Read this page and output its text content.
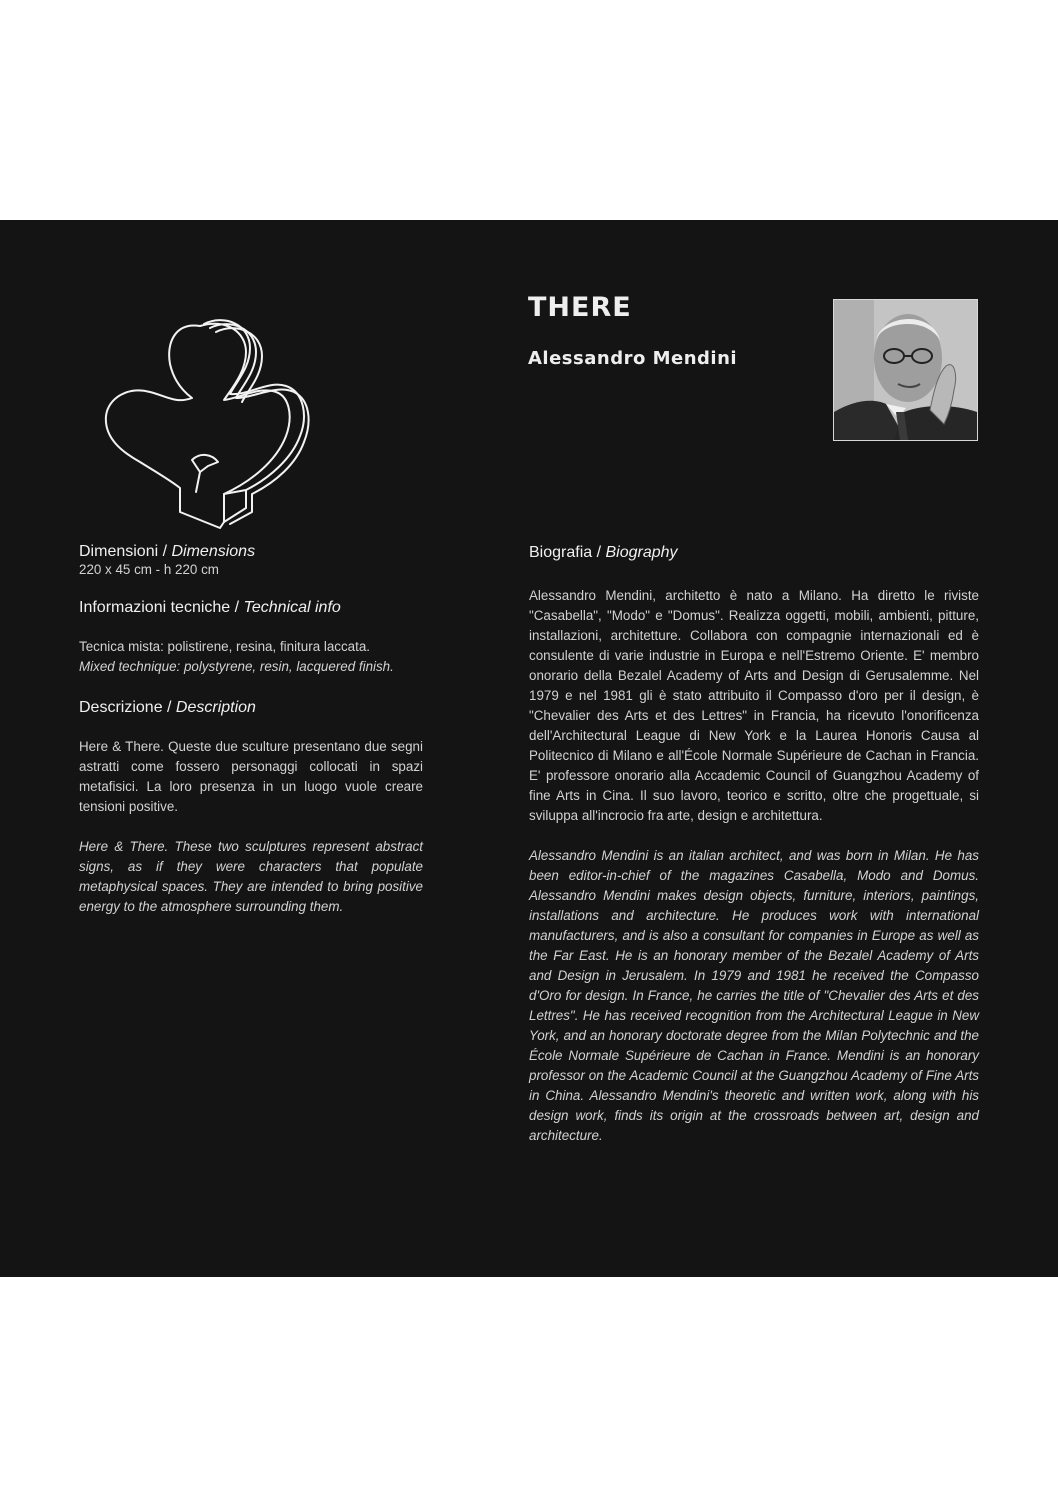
THERE
Alessandro Mendini
Dimensioni / Dimensions
220 x 45 cm - h 220 cm
Informazioni tecniche / Technical info

Tecnica mista: polistirene, resina, finitura laccata.

Mixed technique: polystyrene, resin, lacquered finish.

Descrizione / Description

Here & There. Queste due sculture presentano due segni astratti come fossero personaggi collocati in spazi metafisici. La loro presenza in un luogo vuole creare tensioni positive.

Here & There. These two sculptures represent abstract signs, as if they were characters that populate metaphysical spaces. They are intended to bring positive energy to the atmosphere surrounding them.

Biografia / Biography

Alessandro Mendini, architetto è nato a Milano. Ha diretto le riviste "Casabella", "Modo" e "Domus". Realizza oggetti, mobili, ambienti, pitture, installazioni, architetture. Collabora con compagnie internazionali ed è consulente di varie industrie in Europa e nell'Estremo Oriente. E' membro onorario della Bezalel Academy of Arts and Design di Gerusalemme. Nel 1979 e nel 1981 gli è stato attribuito il Compasso d'oro per il design, è "Chevalier des Arts et des Lettres" in Francia, ha ricevuto l'onorificenza dell'Architectural League di New York e la Laurea Honoris Causa al Politecnico di Milano e all'École Normale Supérieure de Cachan in Francia. E' professore onorario alla Accademic Council of Guangzhou Academy of fine Arts in Cina. Il suo lavoro, teorico e scritto, oltre che progettuale, si sviluppa all'incrocio fra arte, design e architettura.

Alessandro Mendini is an italian architect, and was born in Milan. He has been editor-in-chief of the magazines Casabella, Modo and Domus. Alessandro Mendini makes design objects, furniture, interiors, paintings, installations and architecture. He produces work with international manufacturers, and is also a consultant for companies in Europe as well as the Far East. He is an honorary member of the Bezalel Academy of Arts and Design in Jerusalem. In 1979 and 1981 he received the Compasso d'Oro for design. In France, he carries the title of "Chevalier des Arts et des Lettres". He has received recognition from the Architectural League in New York, and an honorary doctorate degree from the Milan Polytechnic and the École Normale Supérieure de Cachan in France. Mendini is an honorary professor on the Academic Council at the Guangzhou Academy of Fine Arts in China. Alessandro Mendini's theoretic and written work, along with his design work, finds its origin at the crossroads between art, design and architecture.
